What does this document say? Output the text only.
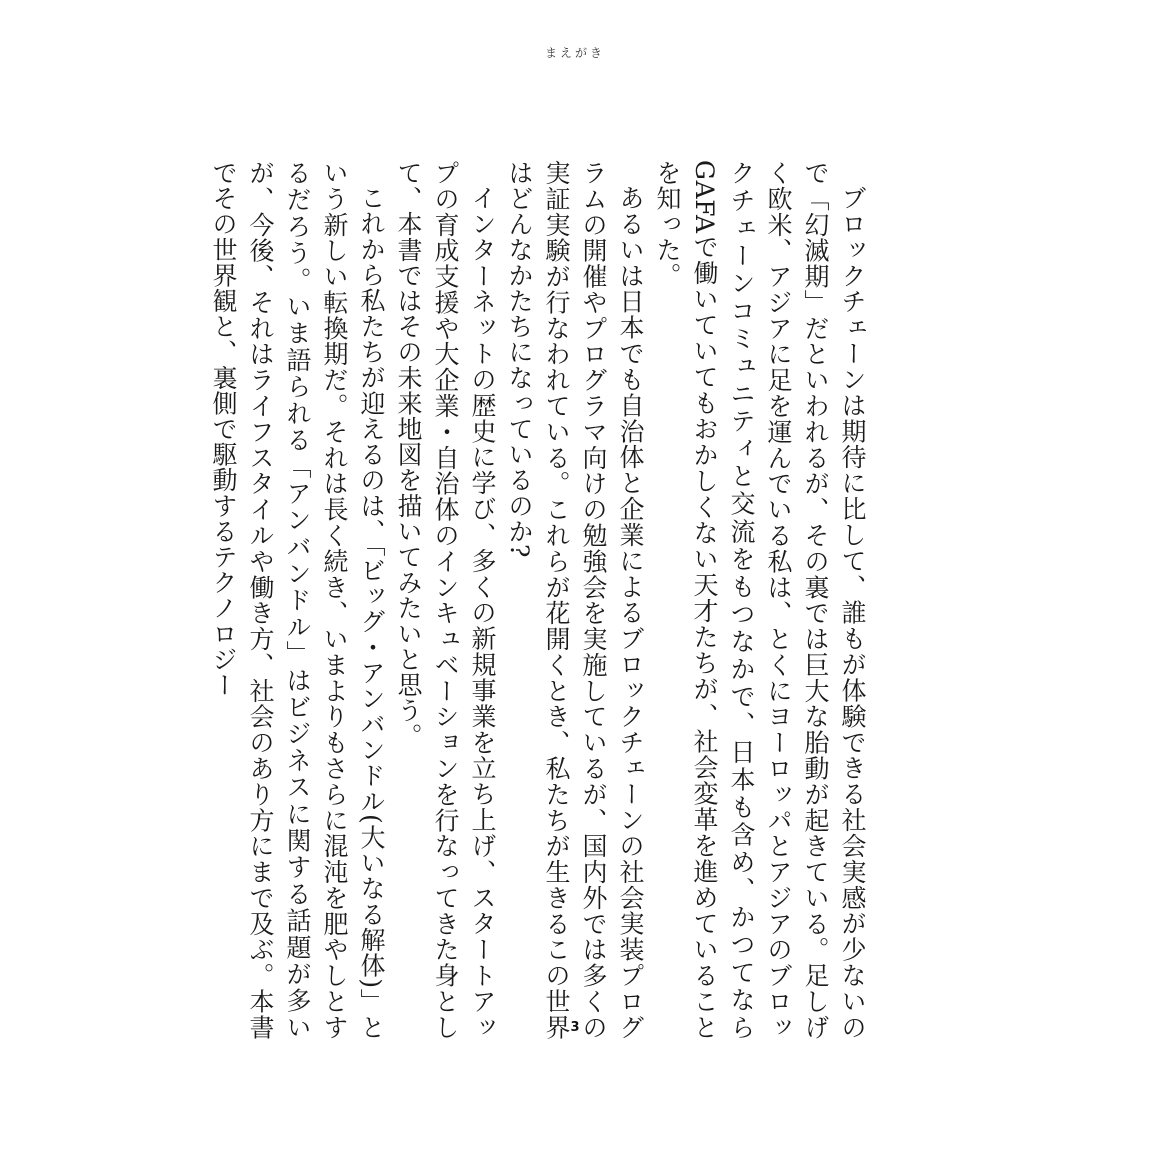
まえがき

ブロックチェーンは期待に比して、誰もが体験できる社会実感が少ないので「幻滅期」だといわれるが、その裏では巨大な胎動が起きている。足しげく欧米、アジアに足を運んでいる私は、とくにヨーロッパとアジアのブロックチェーンコミュニティと交流をもつなかで、日本も含め、かつてならGAFAで働いていてもおかしくない天才たちが、社会変革を進めていることを知った。

あるいは日本でも自治体と企業によるブロックチェーンの社会実装プログラムの開催やプログラマ向けの勉強会を実施しているが、国内外では多くの実証実験が行なわれている。これらが花開くとき、私たちが生きるこの世界はどんなかたちになっているのか?

インターネットの歴史に学び、多くの新規事業を立ち上げ、スタートアップの育成支援や大企業・自治体のインキュベーションを行なってきた身として、本書ではその未来地図を描いてみたいと思う。

これから私たちが迎えるのは、「ビッグ・アンバンドル(大いなる解体)」という新しい転換期だ。それは長く続き、いまよりもさらに混沌を肥やしとするだろう。いま語られる「アンバンドル」はビジネスに関する話題が多いが、今後、それはライフスタイルや働き方、社会のあり方にまで及ぶ。本書でその世界観と、裏側で駆動するテクノロジー

3
